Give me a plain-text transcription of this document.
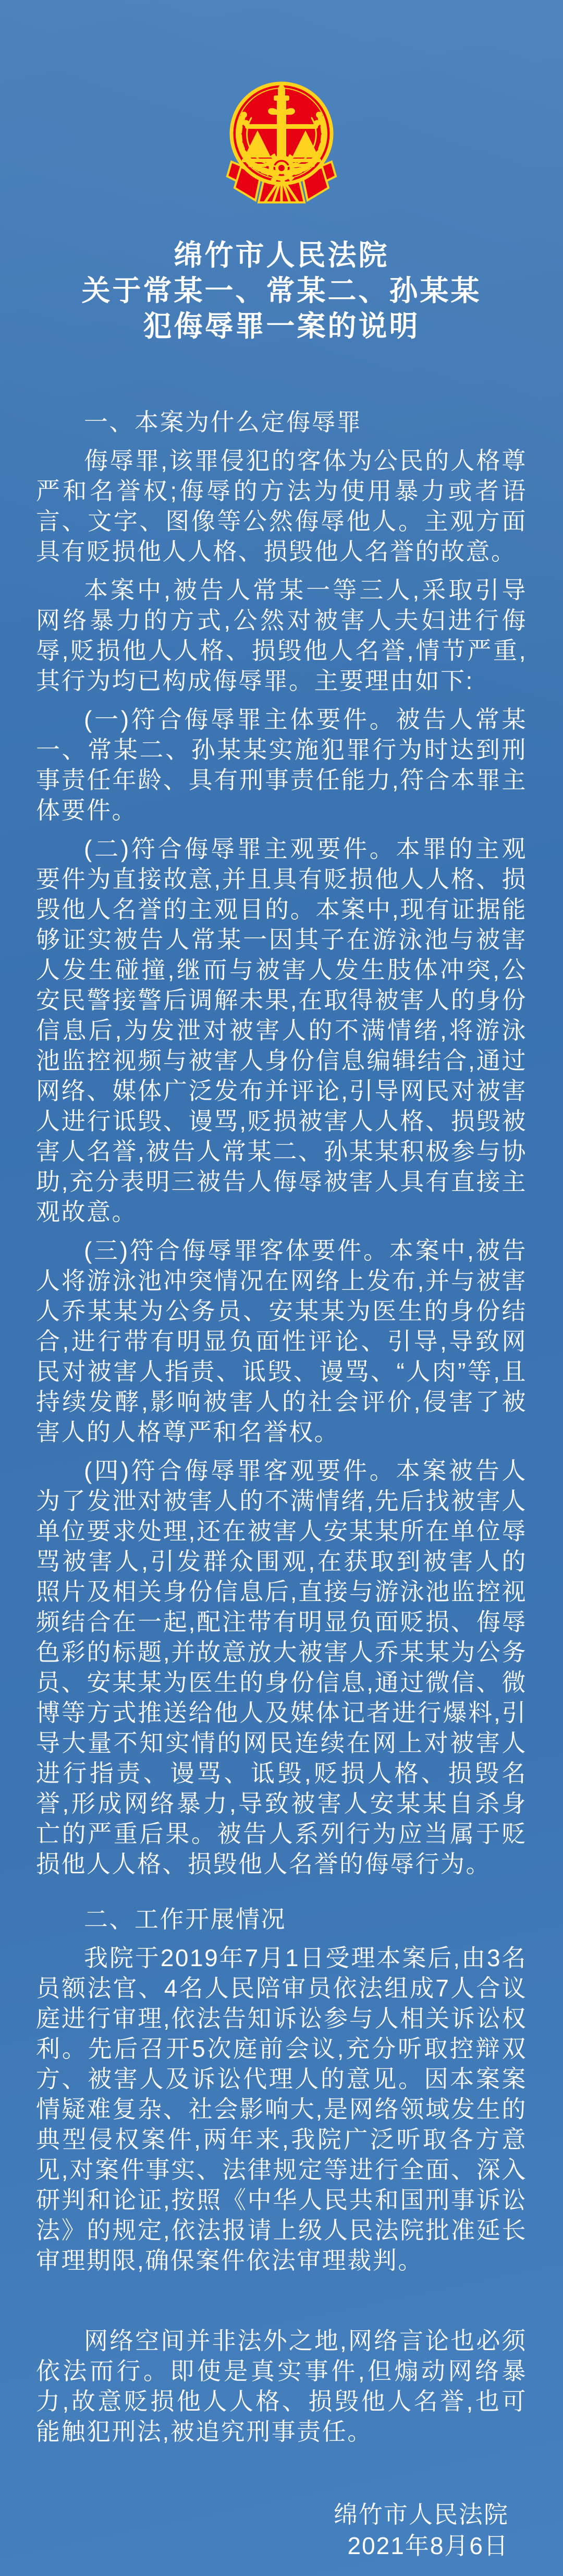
绵竹市人民法院
关于常某一、常某二、孙某某
犯侮辱罪一案的说明

一、本案为什么定侮辱罪

侮辱罪,该罪侵犯的客体为公民的人格尊严和名誉权;侮辱的方法为使用暴力或者语言、文字、图像等公然侮辱他人。主观方面具有贬损他人人格、损毁他人名誉的故意。

本案中,被告人常某一等三人,采取引导网络暴力的方式,公然对被害人夫妇进行侮辱,贬损他人人格、损毁他人名誉,情节严重,其行为均已构成侮辱罪。主要理由如下:

(一)符合侮辱罪主体要件。被告人常某一、常某二、孙某某实施犯罪行为时达到刑事责任年龄、具有刑事责任能力,符合本罪主体要件。

(二)符合侮辱罪主观要件。本罪的主观要件为直接故意,并且具有贬损他人人格、损毁他人名誉的主观目的。本案中,现有证据能够证实被告人常某一因其子在游泳池与被害人发生碰撞,继而与被害人发生肢体冲突,公安民警接警后调解未果,在取得被害人的身份信息后,为发泄对被害人的不满情绪,将游泳池监控视频与被害人身份信息编辑结合,通过网络、媒体广泛发布并评论,引导网民对被害人进行诋毁、谩骂,贬损被害人人格、损毁被害人名誉,被告人常某二、孙某某积极参与协助,充分表明三被告人侮辱被害人具有直接主观故意。

(三)符合侮辱罪客体要件。本案中,被告人将游泳池冲突情况在网络上发布,并与被害人乔某某为公务员、安某某为医生的身份结合,进行带有明显负面性评论、引导,导致网民对被害人指责、诋毁、谩骂、“人肉”等,且持续发酵,影响被害人的社会评价,侵害了被害人的人格尊严和名誉权。

(四)符合侮辱罪客观要件。本案被告人为了发泄对被害人的不满情绪,先后找被害人单位要求处理,还在被害人安某某所在单位辱骂被害人,引发群众围观,在获取到被害人的照片及相关身份信息后,直接与游泳池监控视频结合在一起,配注带有明显负面贬损、侮辱色彩的标题,并故意放大被害人乔某某为公务员、安某某为医生的身份信息,通过微信、微博等方式推送给他人及媒体记者进行爆料,引导大量不知实情的网民连续在网上对被害人进行指责、谩骂、诋毁,贬损人格、损毁名誉,形成网络暴力,导致被害人安某某自杀身亡的严重后果。被告人系列行为应当属于贬损他人人格、损毁他人名誉的侮辱行为。

二、工作开展情况

我院于2019年7月1日受理本案后,由3名员额法官、4名人民陪审员依法组成7人合议庭进行审理,依法告知诉讼参与人相关诉讼权利。先后召开5次庭前会议,充分听取控辩双方、被害人及诉讼代理人的意见。因本案案情疑难复杂、社会影响大,是网络领域发生的典型侵权案件,两年来,我院广泛听取各方意见,对案件事实、法律规定等进行全面、深入研判和论证,按照《中华人民共和国刑事诉讼法》的规定,依法报请上级人民法院批准延长审理期限,确保案件依法审理裁判。

网络空间并非法外之地,网络言论也必须依法而行。即使是真实事件,但煽动网络暴力,故意贬损他人人格、损毁他人名誉,也可能触犯刑法,被追究刑事责任。

绵竹市人民法院
2021年8月6日
